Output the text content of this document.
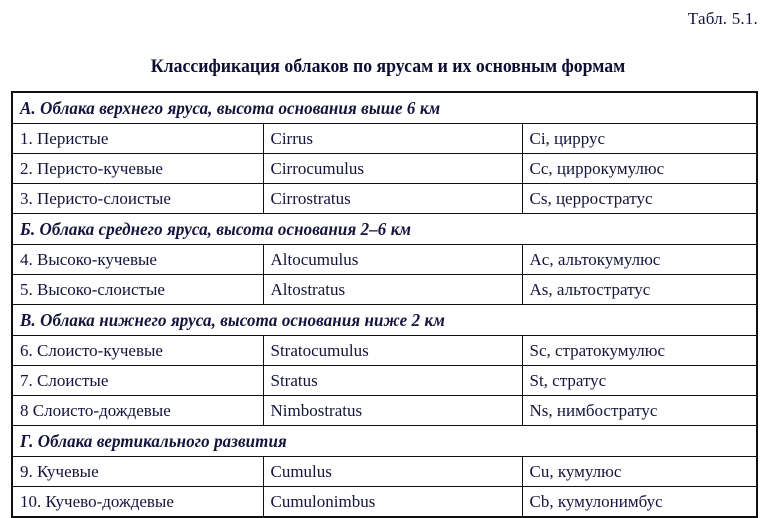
Табл. 5.1.
Классификация облаков по ярусам и их основным формам
А. Облака верхнего яруса, высота основания выше 6 км		
1. Перистые	Cirrus	Ci, циррус
2. Перисто-кучевые	Cirrocumulus	Cc, циррокумулюс
3. Перисто-слоистые	Cirrostratus	Cs, церростратус
Б. Облака среднего яруса, высота основания 2–6 км		
4. Высоко-кучевые	Altocumulus	Ac, альтокумулюс
5. Высоко-слоистые	Altostratus	As, альтостратус
В. Облака нижнего яруса, высота основания ниже 2 км		
6. Слоисто-кучевые	Stratocumulus	Sc, стратокумулюс
7. Слоистые	Stratus	St, стратус
8 Слоисто-дождевые	Nimbostratus	Ns, нимбостратус
Г. Облака вертикального развития		
9. Кучевые	Cumulus	Cu, кумулюс
10. Кучево-дождевые	Cumulonimbus	Cb, кумулонимбус
